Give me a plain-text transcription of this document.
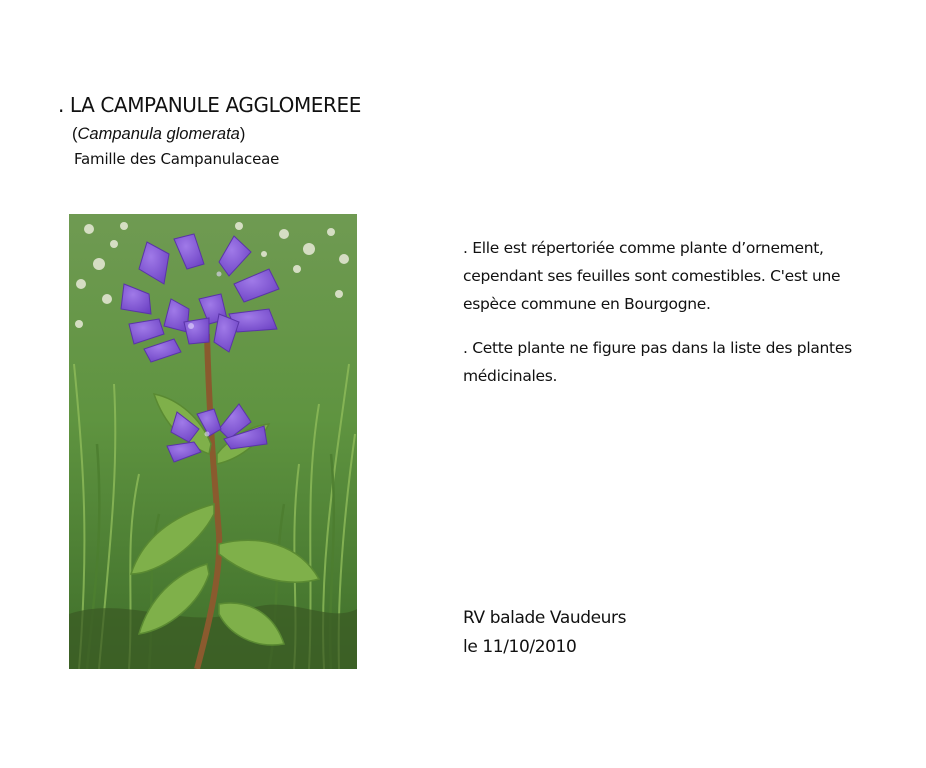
. LA CAMPANULE AGGLOMEREE
(Campanula glomerata)
Famille des Campanulaceae

. Elle est répertoriée comme plante d’ornement, cependant ses feuilles sont comestibles. C'est une espèce commune en Bourgogne.

. Cette plante ne figure pas dans la liste des plantes médicinales.

RV balade Vaudeurs
le 11/10/2010
